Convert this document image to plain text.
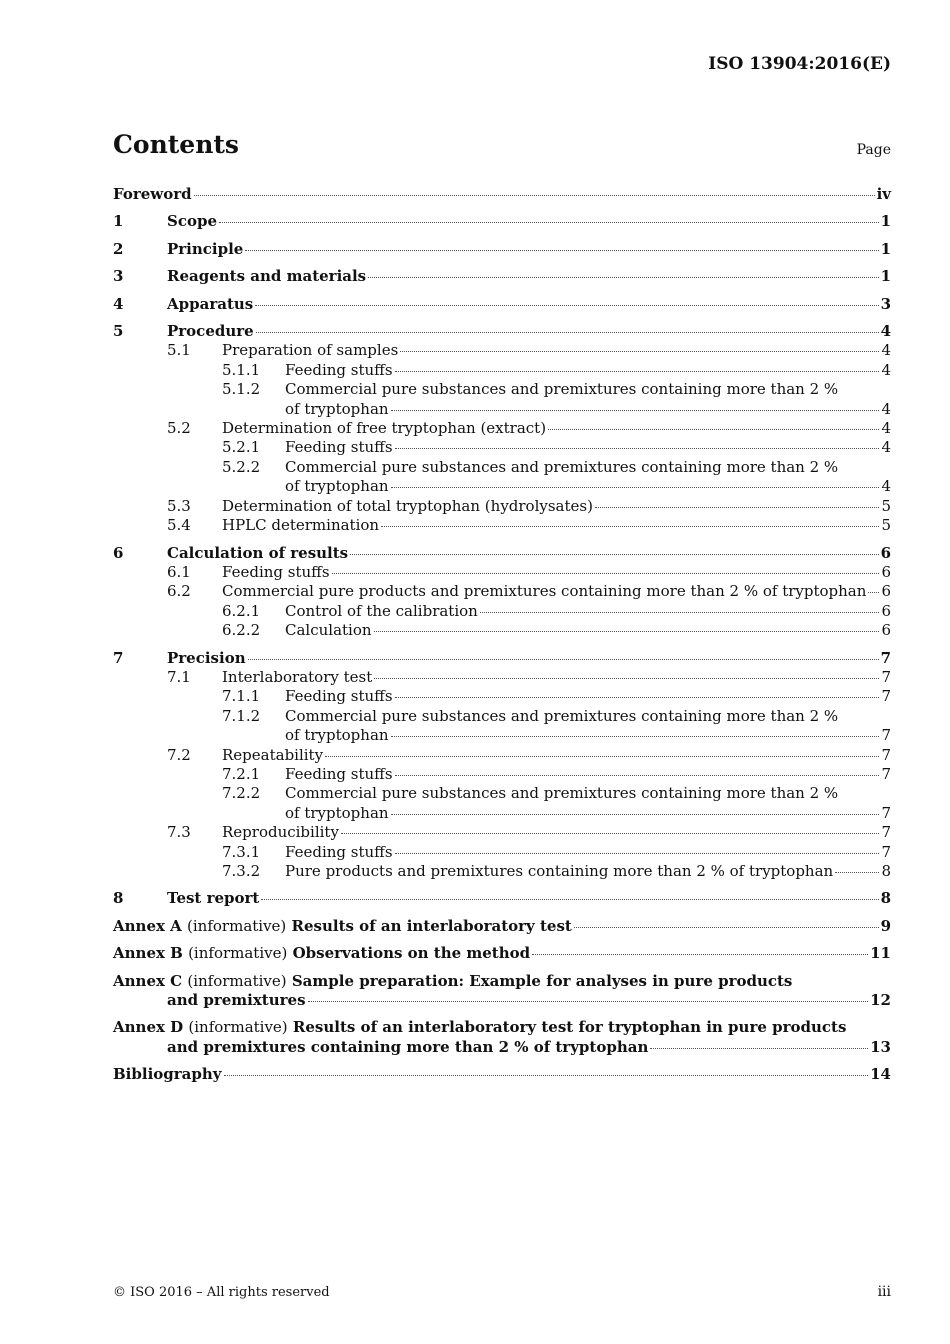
ISO 13904:2016(E)
Contents	Page
Foreword	iv
1	Scope	1
2	Principle	1
3	Reagents and materials	1
4	Apparatus	3
5	Procedure	4
5.1 Preparation of samples	4
5.1.1 Feeding stuffs	4
5.1.2 Commercial pure substances and premixtures containing more than 2 %
of tryptophan	4
5.2 Determination of free tryptophan (extract)	4
5.2.1 Feeding stuffs	4
5.2.2 Commercial pure substances and premixtures containing more than 2 %
of tryptophan	4
5.3 Determination of total tryptophan (hydrolysates)	5
5.4 HPLC determination	5
6	Calculation of results	6
6.1 Feeding stuffs	6
6.2 Commercial pure products and premixtures containing more than 2 % of tryptophan 6
6.2.1 Control of the calibration	6
6.2.2 Calculation	6
7	Precision	7
7.1 Interlaboratory test	7
7.1.1 Feeding stuffs	7
7.1.2 Commercial pure substances and premixtures containing more than 2 %
of tryptophan	7
7.2 Repeatability	7
7.2.1 Feeding stuffs	7
7.2.2 Commercial pure substances and premixtures containing more than 2 %
of tryptophan	7
7.3 Reproducibility	7
7.3.1 Feeding stuffs	7
7.3.2 Pure products and premixtures containing more than 2 % of tryptophan	8
8	Test report	8
Annex A (informative) Results of an interlaboratory test	9
Annex B (informative) Observations on the method	11
Annex C (informative) Sample preparation: Example for analyses in pure products
and premixtures	12
Annex D (informative) Results of an interlaboratory test for tryptophan in pure products
and premixtures containing more than 2 % of tryptophan	13
Bibliography	14
© ISO 2016 – All rights reserved	iii
